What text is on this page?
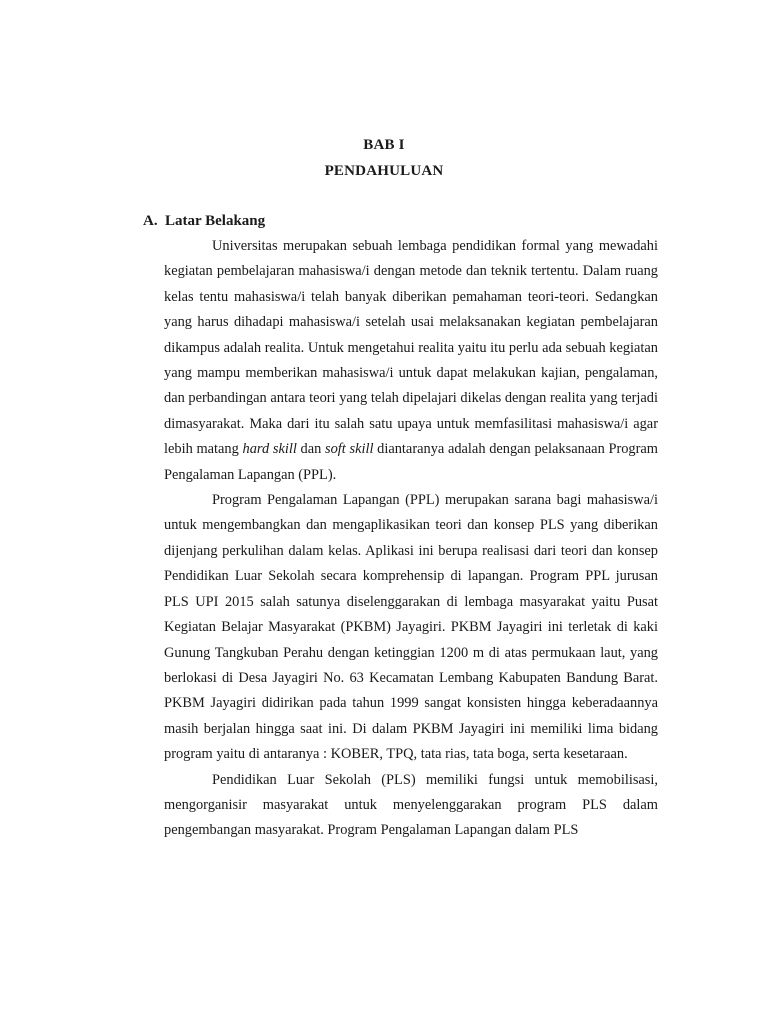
BAB I
PENDAHULUAN
A. Latar Belakang

Universitas merupakan sebuah lembaga pendidikan formal yang mewadahi kegiatan pembelajaran mahasiswa/i dengan metode dan teknik tertentu. Dalam ruang kelas tentu mahasiswa/i telah banyak diberikan pemahaman teori-teori. Sedangkan yang harus dihadapi mahasiswa/i setelah usai melaksanakan kegiatan pembelajaran dikampus adalah realita. Untuk mengetahui realita yaitu itu perlu ada sebuah kegiatan yang mampu memberikan mahasiswa/i untuk dapat melakukan kajian, pengalaman, dan perbandingan antara teori yang telah dipelajari dikelas dengan realita yang terjadi dimasyarakat. Maka dari itu salah satu upaya untuk memfasilitasi mahasiswa/i agar lebih matang hard skill dan soft skill diantaranya adalah dengan pelaksanaan Program Pengalaman Lapangan (PPL).

Program Pengalaman Lapangan (PPL) merupakan sarana bagi mahasiswa/i untuk mengembangkan dan mengaplikasikan teori dan konsep PLS yang diberikan dijenjang perkulihan dalam kelas. Aplikasi ini berupa realisasi dari teori dan konsep Pendidikan Luar Sekolah secara komprehensip di lapangan. Program PPL jurusan PLS UPI 2015 salah satunya diselenggarakan di lembaga masyarakat yaitu Pusat Kegiatan Belajar Masyarakat (PKBM) Jayagiri. PKBM Jayagiri ini terletak di kaki Gunung Tangkuban Perahu dengan ketinggian 1200 m di atas permukaan laut, yang berlokasi di Desa Jayagiri No. 63 Kecamatan Lembang Kabupaten Bandung Barat. PKBM Jayagiri didirikan pada tahun 1999 sangat konsisten hingga keberadaannya masih berjalan hingga saat ini. Di dalam PKBM Jayagiri ini memiliki lima bidang program yaitu di antaranya : KOBER, TPQ, tata rias, tata boga, serta kesetaraan.

Pendidikan Luar Sekolah (PLS) memiliki fungsi untuk memobilisasi, mengorganisir masyarakat untuk menyelenggarakan program PLS dalam pengembangan masyarakat. Program Pengalaman Lapangan dalam PLS
